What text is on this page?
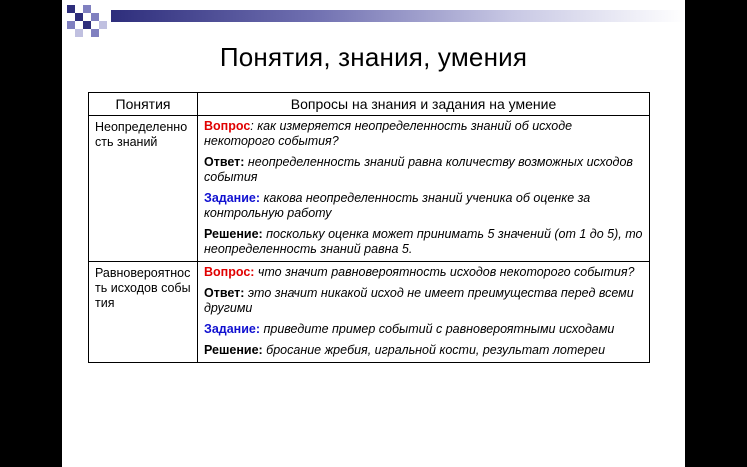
Понятия, знания, умения
Понятия	Вопросы на знания и задания на умение

Неопределенность знаний	Вопрос: как измеряется неопределенность знаний об исходе некоторого события?

Ответ: неопределенность знаний равна количеству возможных исходов события

Задание: какова неопределенность знаний ученика об оценке за контрольную работу

Решение: поскольку оценка может принимать 5 значений (от 1 до 5), то неопределенность знаний равна 5.

Равновероятность исходов события	Вопрос: что значит равновероятность исходов некоторого события?

Ответ: это значит никакой исход не имеет преимущества перед всеми другими

Задание: приведите пример событий с равновероятными исходами

Решение: бросание жребия, игральной кости, результат лотереи
